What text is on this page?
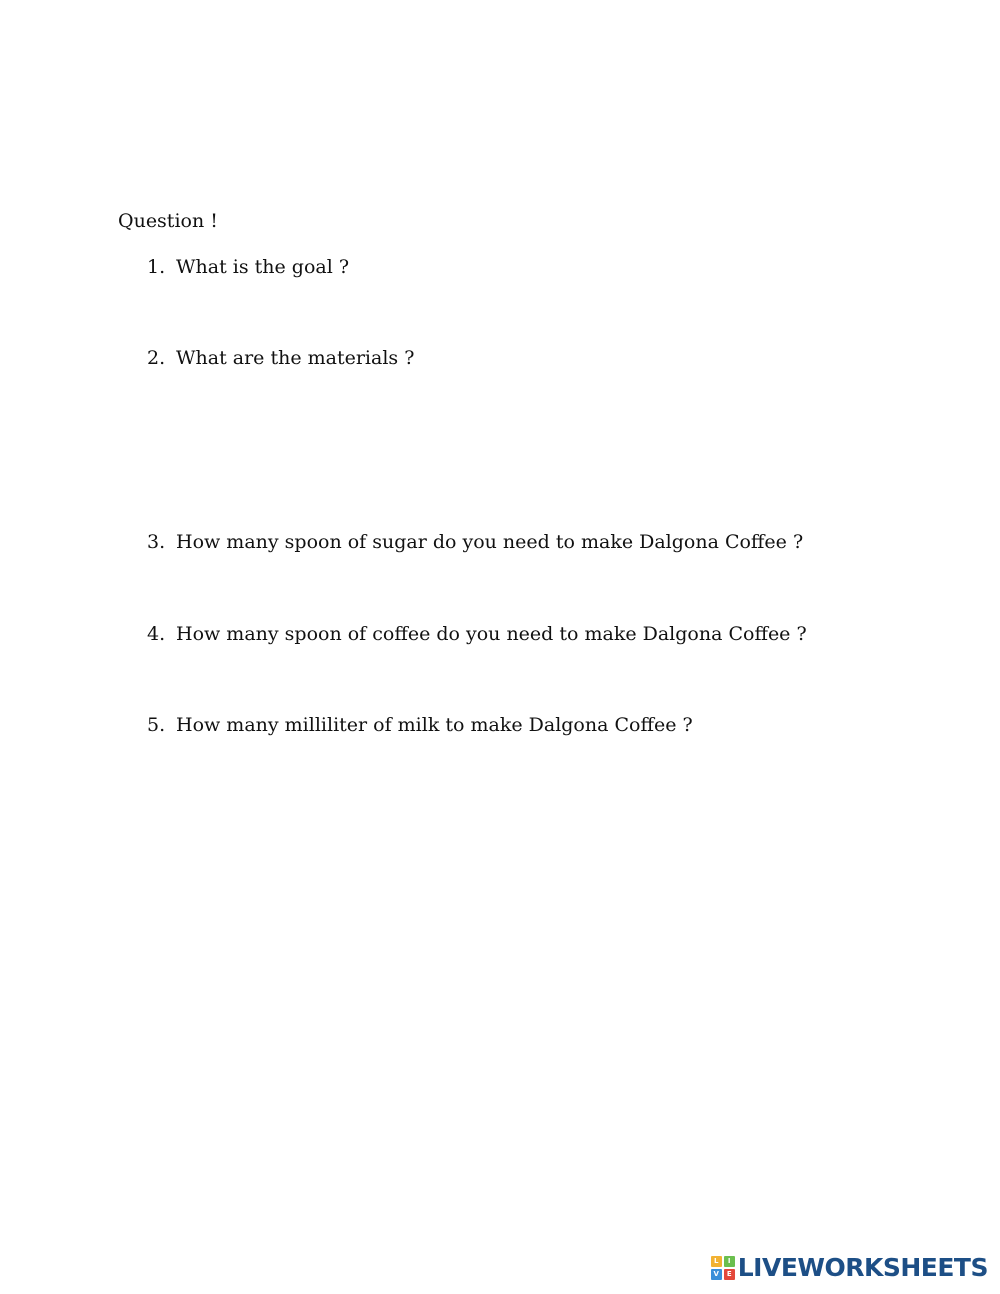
Question !
1. What is the goal ?
2. What are the materials ?
3. How many spoon of sugar do you need to make Dalgona Coffee ?
4. How many spoon of coffee do you need to make Dalgona Coffee ?
5. How many milliliter of milk to make Dalgona Coffee ?
L	I
V	E LIVEWORKSHEETS
